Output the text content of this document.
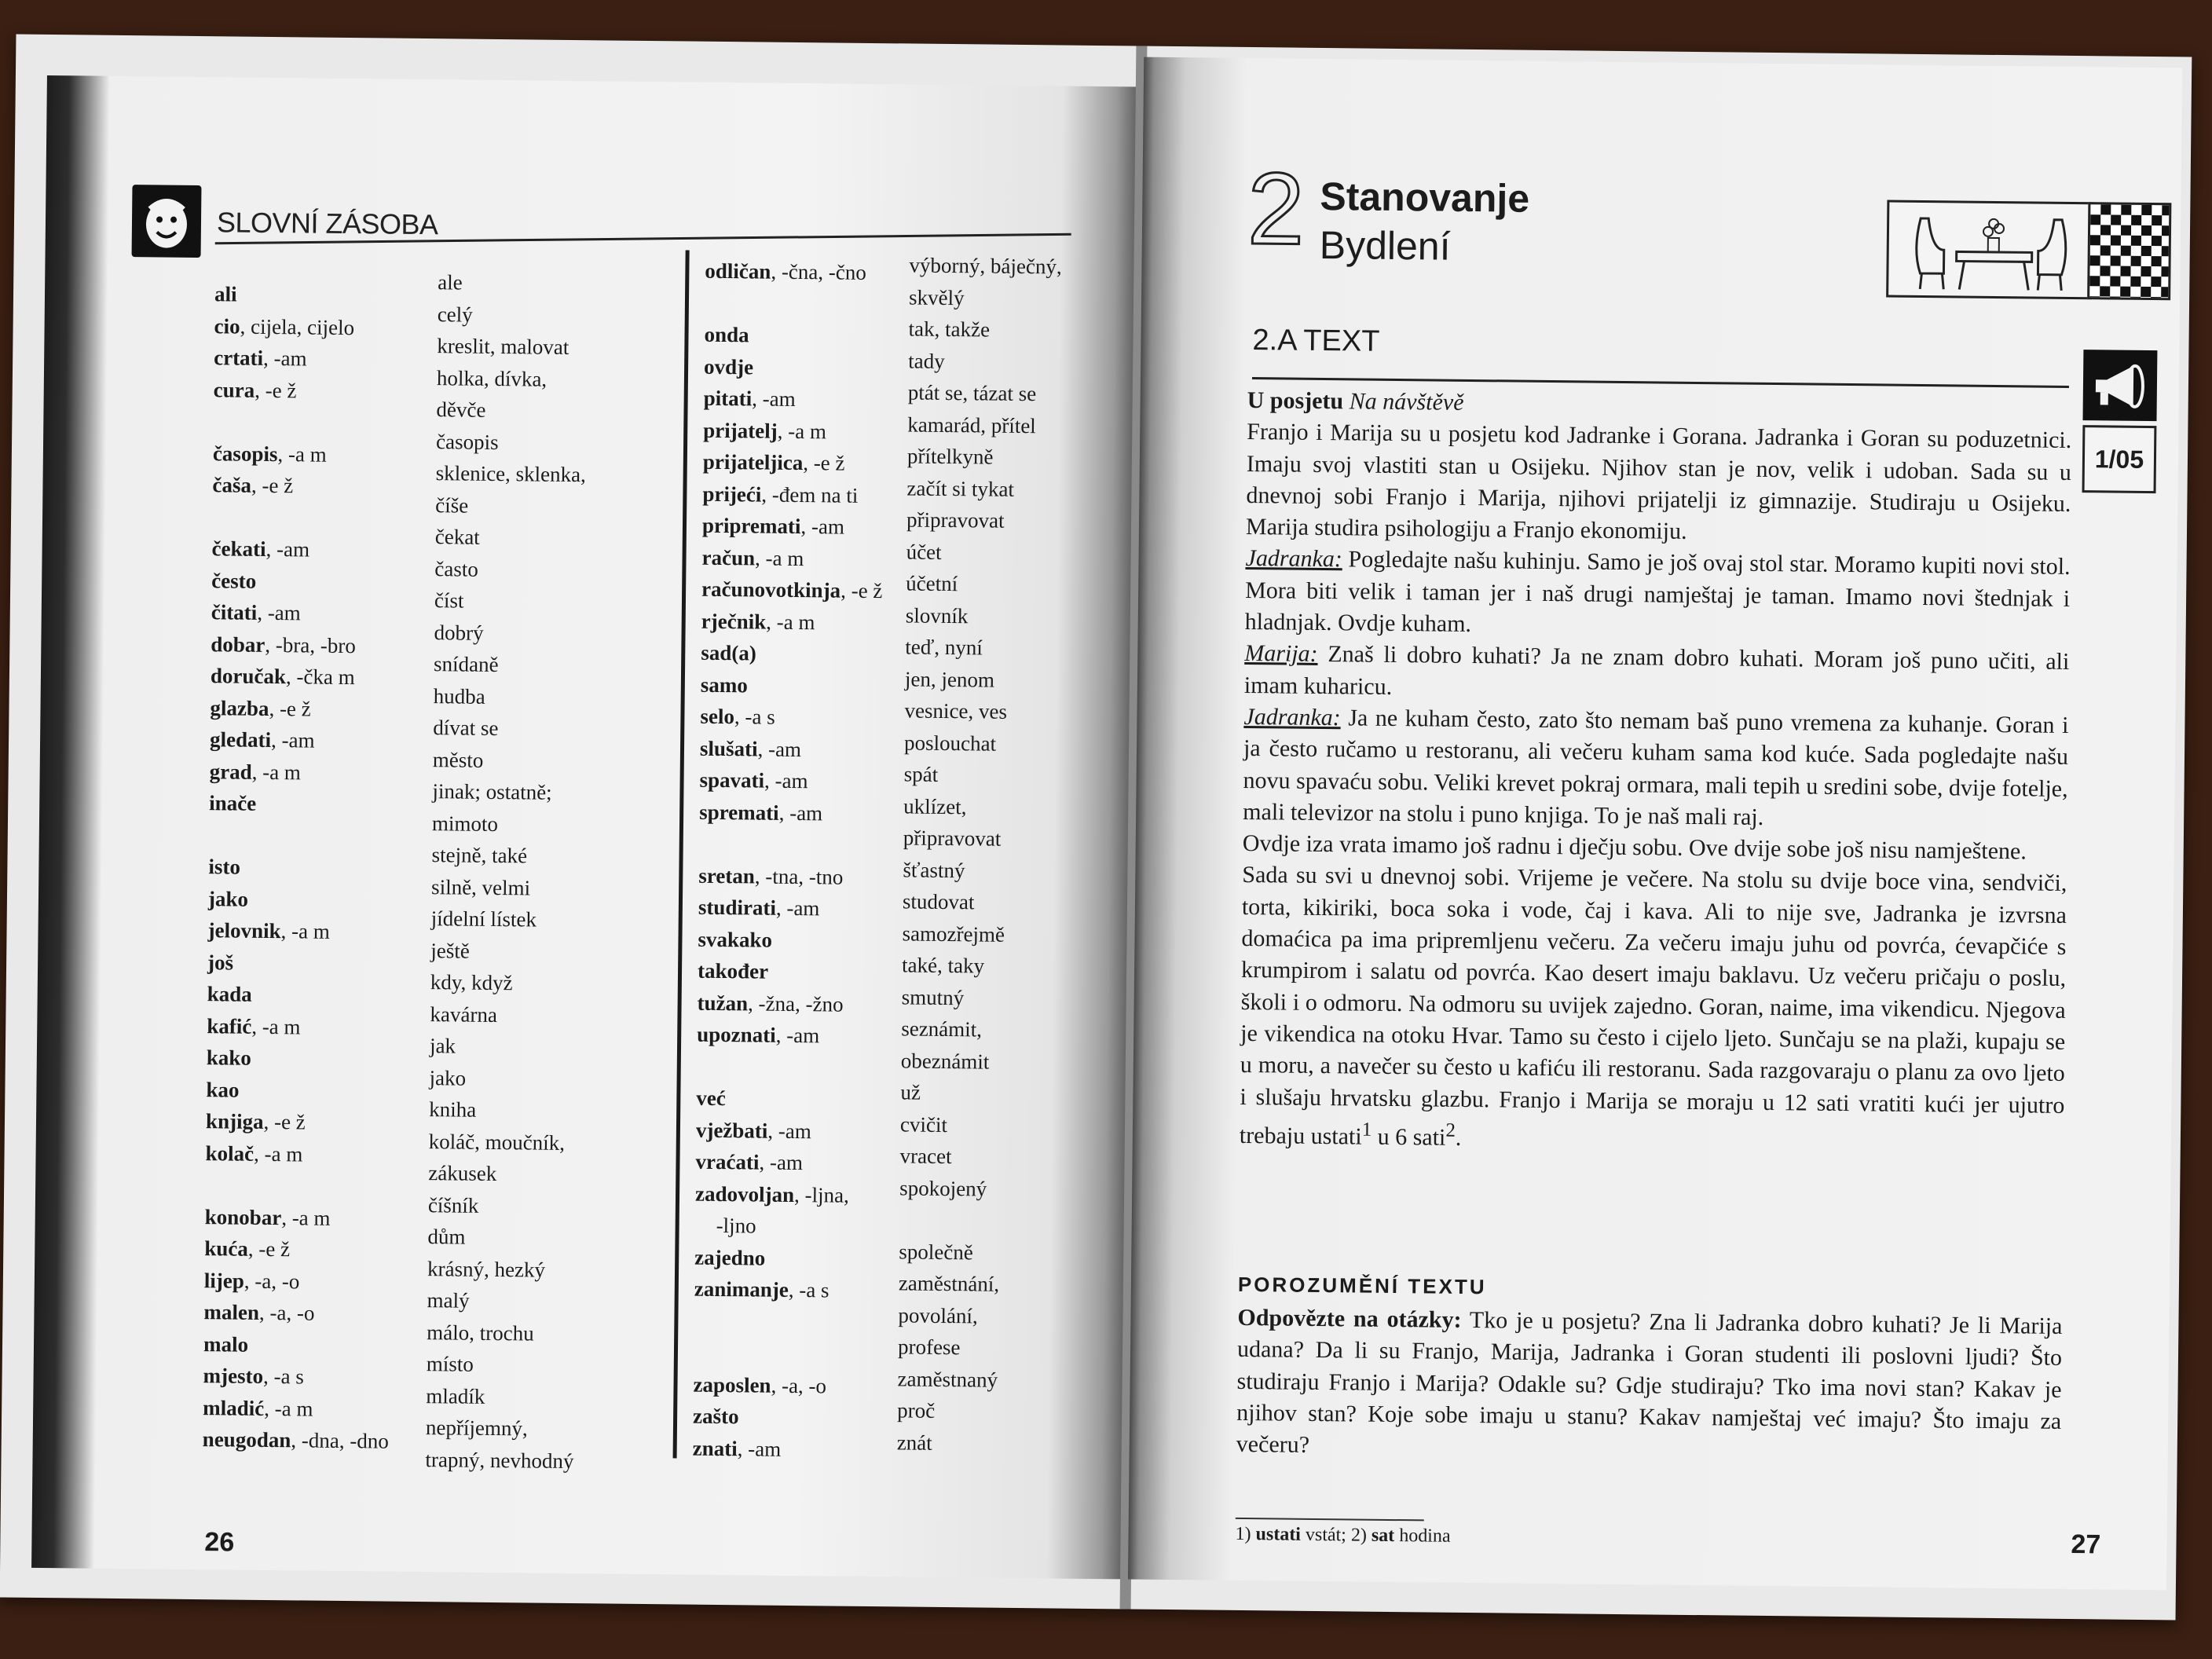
SLOVNÍ ZÁSOBA
ali
cio, cijela, cijelo
crtati, -am
cura, -e ž

časopis, -a m
čaša, -e ž

čekati, -am
često
čitati, -am
dobar, -bra, -bro
doručak, -čka m
glazba, -e ž
gledati, -am
grad, -a m
inače

isto
jako
jelovnik, -a m
još
kada
kafić, -a m
kako
kao
knjiga, -e ž
kolač, -a m

konobar, -a m
kuća, -e ž
lijep, -a, -o
malen, -a, -o
malo
mjesto, -a s
mladić, -a m
neugodan, -dna, -dno
ale
celý
kreslit, malovat
holka, dívka,
děvče
časopis
sklenice, sklenka,
číše
čekat
často
číst
dobrý
snídaně
hudba
dívat se
město
jinak; ostatně;
mimoto
stejně, také
silně, velmi
jídelní lístek
ještě
kdy, když
kavárna
jak
jako
kniha
koláč, moučník,
zákusek
číšník
dům
krásný, hezký
malý
málo, trochu
místo
mladík
nepříjemný,
trapný, nevhodný
odličan, -čna, -čno

onda
ovdje
pitati, -am
prijatelj, -a m
prijateljica, -e ž
prijeći, -đem na ti
pripremati, -am
račun, -a m
računovotkinja, -e ž
rječnik, -a m
sad(a)
samo
selo, -a s
slušati, -am
spavati, -am
spremati, -am

sretan, -tna, -tno
studirati, -am
svakako
također
tužan, -žna, -žno
upoznati, -am

već
vježbati, -am
vraćati, -am
zadovoljan, -ljna,
-ljno
zajedno
zanimanje, -a s

zaposlen, -a, -o
zašto
znati, -am
výborný, báječný,
skvělý
tak, takže
tady
ptát se, tázat se
kamarád, přítel
přítelkyně
začít si tykat
připravovat
účet
účetní
slovník
teď, nyní
jen, jenom
vesnice, ves
poslouchat
spát
uklízet,
připravovat
šťastný
studovat
samozřejmě
také, taky
smutný
seznámit,
obeznámit
už
cvičit
vracet
spokojený

společně
zaměstnání,
povolání,
profese
zaměstnaný
proč
znát
26
2 Stanovanje
Bydlení
2.A TEXT
1/05

U posjetu Na návštěvě

Franjo i Marija su u posjetu kod Jadranke i Gorana. Jadranka i Goran su poduzetnici. Imaju svoj vlastiti stan u Osijeku. Njihov stan je nov, velik i udoban. Sada su u dnevnoj sobi Franjo i Marija, njihovi prijatelji iz gimnazije. Studiraju u Osijeku. Marija studira psihologiju a Franjo ekonomiju.

Jadranka: Pogledajte našu kuhinju. Samo je još ovaj stol star. Moramo kupiti novi stol. Mora biti velik i taman jer i naš drugi namještaj je taman. Imamo novi štednjak i hladnjak. Ovdje kuham.

Marija: Znaš li dobro kuhati? Ja ne znam dobro kuhati. Moram još puno učiti, ali imam kuharicu.

Jadranka: Ja ne kuham često, zato što nemam baš puno vremena za kuhanje. Goran i ja često ručamo u restoranu, ali večeru kuham sama kod kuće. Sada pogledajte našu novu spavaću sobu. Veliki krevet pokraj ormara, mali tepih u sredini sobe, dvije fotelje, mali televizor na stolu i puno knjiga. To je naš mali raj.

Ovdje iza vrata imamo još radnu i dječju sobu. Ove dvije sobe još nisu namještene.

Sada su svi u dnevnoj sobi. Vrijeme je večere. Na stolu su dvije boce vina, sendviči, torta, kikiriki, boca soka i vode, čaj i kava. Ali to nije sve, Jadranka je izvrsna domaćica pa ima pripremljenu večeru. Za večeru imaju juhu od povrća, ćevapčiće s krumpirom i salatu od povrća. Kao desert imaju baklavu. Uz večeru pričaju o poslu, školi i o odmoru. Na odmoru su uvijek zajedno. Goran, naime, ima vikendicu. Njegova je vikendica na otoku Hvar. Tamo su često i cijelo ljeto. Sunčaju se na plaži, kupaju se u moru, a navečer su često u kafiću ili restoranu. Sada razgovaraju o planu za ovo ljeto i slušaju hrvatsku glazbu. Franjo i Marija se moraju u 12 sati vratiti kući jer ujutro trebaju ustati$^1$ u 6 sati$^2$.

POROZUMĚNÍ TEXTU
Odpovězte na otázky: Tko je u posjetu? Zna li Jadranka dobro kuhati? Je li Marija udana? Da li su Franjo, Marija, Jadranka i Goran studenti ili poslovni ljudi? Što studiraju Franjo i Marija? Odakle su? Gdje studiraju? Tko ima novi stan? Kakav je njihov stan? Koje sobe imaju u stanu? Kakav namještaj već imaju? Što imaju za večeru?
1) ustati vstát; 2) sat hodina	27
